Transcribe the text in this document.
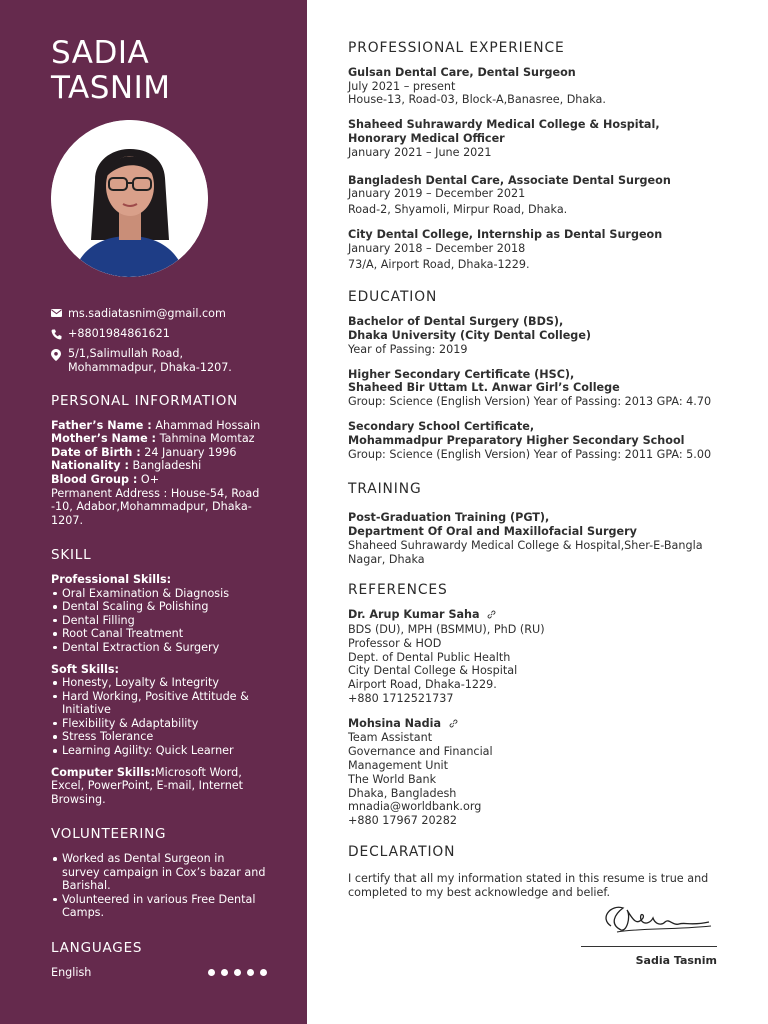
SADIA
TASNIM
ms.sadiatasnim@gmail.com
+8801984861621
5/1,Salimullah Road,
Mohammadpur, Dhaka-1207.
PERSONAL INFORMATION
Father’s Name : Ahammad Hossain
Mother’s Name : Tahmina Momtaz
Date of Birth : 24 January 1996
Nationality : Bangladeshi
Blood Group : O+
Permanent Address : House-54, Road
-10, Adabor,Mohammadpur, Dhaka-
1207.
SKILL
Professional Skills:
Oral Examination & Diagnosis
Dental Scaling & Polishing
Dental Filling
Root Canal Treatment
Dental Extraction & Surgery
Soft Skills:
Honesty, Loyalty & Integrity
Hard Working, Positive Attitude &
Initiative
Flexibility & Adaptability
Stress Tolerance
Learning Agility: Quick Learner
Computer Skills:Microsoft Word,
Excel, PowerPoint, E-mail, Internet
Browsing.
VOLUNTEERING
Worked as Dental Surgeon in
survey campaign in Cox’s bazar and
Barishal.
Volunteered in various Free Dental
Camps.
LANGUAGES
English
PROFESSIONAL EXPERIENCE
Gulsan Dental Care, Dental Surgeon
July 2021 – present
House-13, Road-03, Block-A,Banasree, Dhaka.
Shaheed Suhrawardy Medical College & Hospital,
Honorary Medical Officer
January 2021 – June 2021
Bangladesh Dental Care, Associate Dental Surgeon
January 2019 – December 2021
Road-2, Shyamoli, Mirpur Road, Dhaka.
City Dental College, Internship as Dental Surgeon
January 2018 – December 2018
73/A, Airport Road, Dhaka-1229.
EDUCATION
Bachelor of Dental Surgery (BDS),
Dhaka University (City Dental College)
Year of Passing: 2019
Higher Secondary Certificate (HSC),
Shaheed Bir Uttam Lt. Anwar Girl’s College
Group: Science (English Version) Year of Passing: 2013 GPA: 4.70
Secondary School Certificate,
Mohammadpur Preparatory Higher Secondary School
Group: Science (English Version) Year of Passing: 2011 GPA: 5.00
TRAINING
Post-Graduation Training (PGT),
Department Of Oral and Maxillofacial Surgery
Shaheed Suhrawardy Medical College & Hospital,Sher-E-Bangla
Nagar, Dhaka
REFERENCES
Dr. Arup Kumar Saha
BDS (DU), MPH (BSMMU), PhD (RU)
Professor & HOD
Dept. of Dental Public Health
City Dental College & Hospital
Airport Road, Dhaka-1229.
+880 1712521737
Mohsina Nadia
Team Assistant
Governance and Financial
Management Unit
The World Bank
Dhaka, Bangladesh
mnadia@worldbank.org
+880 17967 20282
DECLARATION
I certify that all my information stated in this resume is true and
completed to my best acknowledge and belief.
Sadia Tasnim
